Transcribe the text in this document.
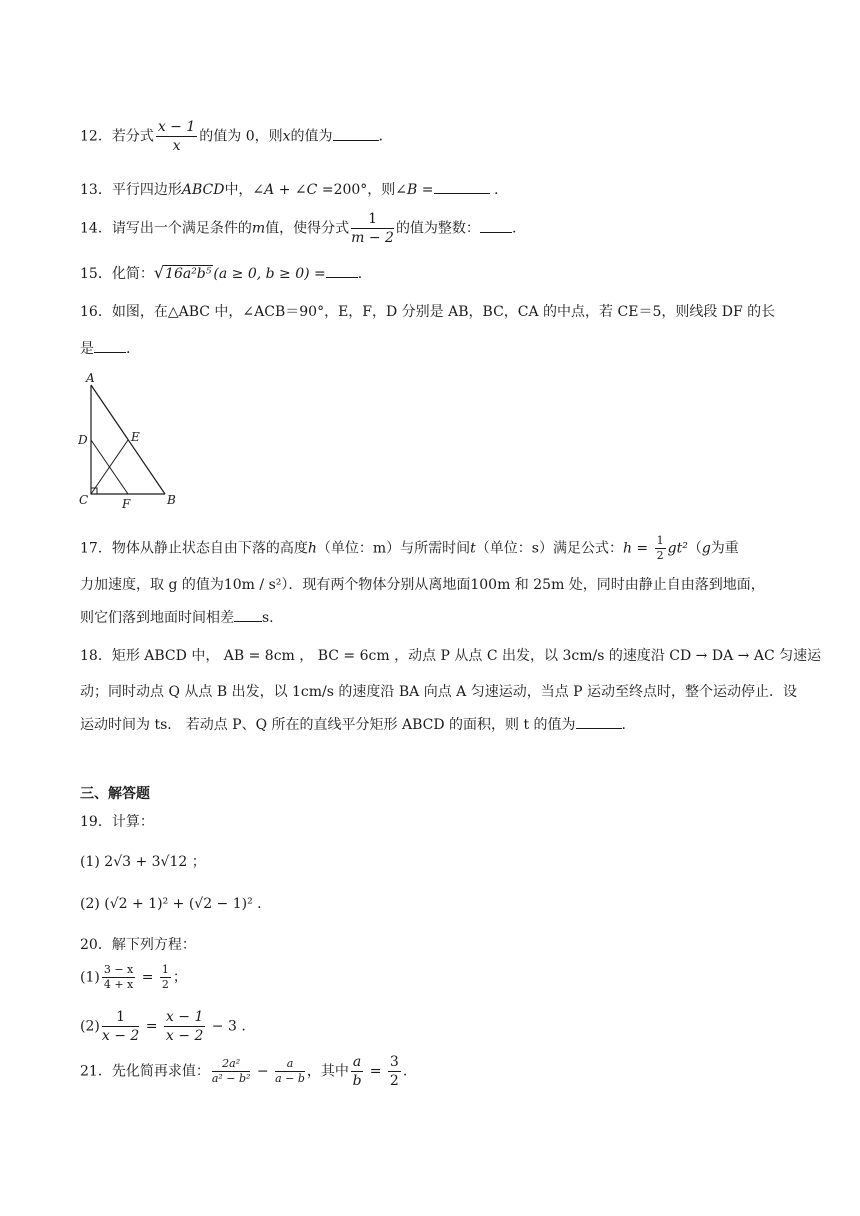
12．若分式 $\frac{x - 1}{x}$ 的值为 0，则x的值为	.
13．平行四边形ABCD中，∠A + ∠C =200°，则∠B =	.
14．请写出一个满足条件的m值，使得分式 $\frac{1}{m - 2}$ 的值为整数： .
15．化简：√16a²b⁵ (a ≥ 0, b ≥ 0) = .
16．如图，在△ABC 中，∠ACB＝90°，E，F，D 分别是 AB，BC，CA 的中点，若 CE＝5，则线段 DF 的长
是 .
A
D	E
C	F	B
17．物体从静止状态自由下落的高度h（单位：m）与所需时间t（单位：s）满足公式：$h = \frac{1}{2} gt^2(g$为重
力加速度，取 g 的值为10m / s²）．现有两个物体分别从离地面100m 和 25m 处，同时由静止自由落到地面，
则它们落到地面时间相差 s.
18．矩形 ABCD 中， AB = 8cm ， BC = 6cm ，动点 P 从点 C 出发，以 3cm/s 的速度沿 CD → DA → AC 匀速运
动；同时动点 Q 从点 B 出发，以 1cm/s 的速度沿 BA 向点 A 匀速运动，当点 P 运动至终点时，整个运动停止．设
运动时间为 ts． 若动点 P、Q 所在的直线平分矩形 ABCD 的面积，则 t 的值为	.
三、解答题
19．计算：
(1) 2√3 + 3√12 ；
(2) (√2 + 1)² + (√2 − 1)² .
20．解下列方程：
$(1) \frac{3 - x}{4 + x} = \frac{1}{2}$ ；
$(2) \frac{1}{x - 2} = \frac{x - 1}{x - 2} - 3$ .
21．先化简再求值： $\frac{\text{2a²}}{\text{a² − b²}} - \frac{a}{a - b}$ ，其中 $\frac{a}{b} = \frac{3}{2}$ .
